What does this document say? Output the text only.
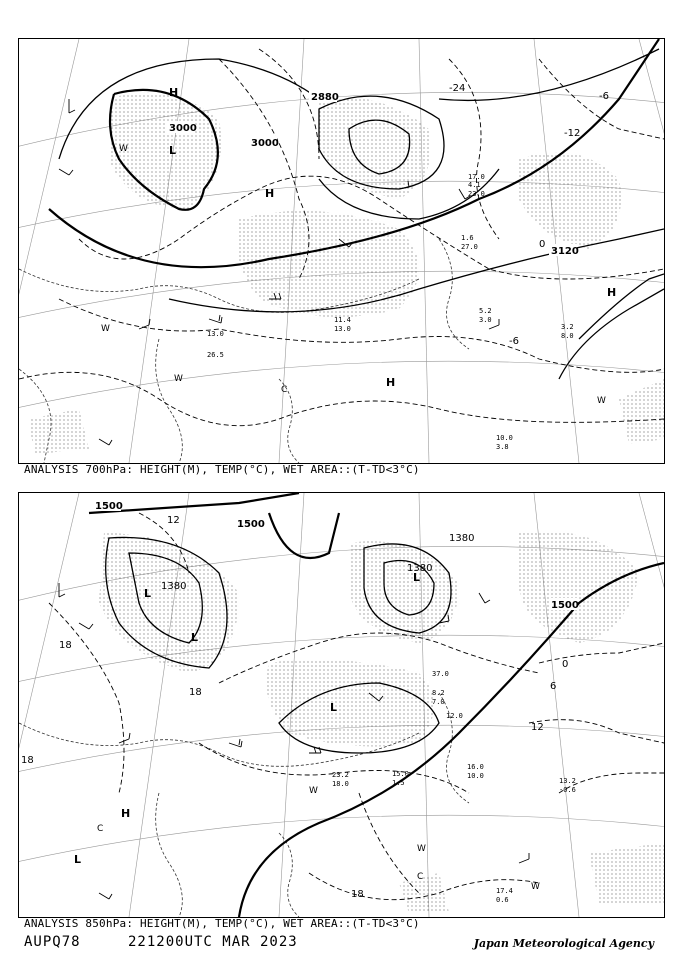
3000
3000
2880
3120
-12
-6
0
-6
-24
H
H
H
H
L
W
W
W
W
C
13.0
26.5
10.0
3.8
11.4
13.0
5.2
3.0
3.2
8.0
1.6
27.0
4.1
23.0
17.0
ANALYSIS 700hPa: HEIGHT(M), TEMP(°C), WET AREA::(T-TD<3°C)
1500
1500
1500
1380
1380
1380
12
12
18
18
18
18
0
6
L
L
L
L
L
H
W
W
W
C
C
13.2
-0.6
16.0
10.0
17.4
0.6
15.0
1.5
23.2
18.0
12.0
8.2
7.0
37.0
ANALYSIS 850hPa: HEIGHT(M), TEMP(°C), WET AREA::(T-TD<3°C)
AUPQ78	221200UTC MAR 2023	Japan Meteorological Agency
